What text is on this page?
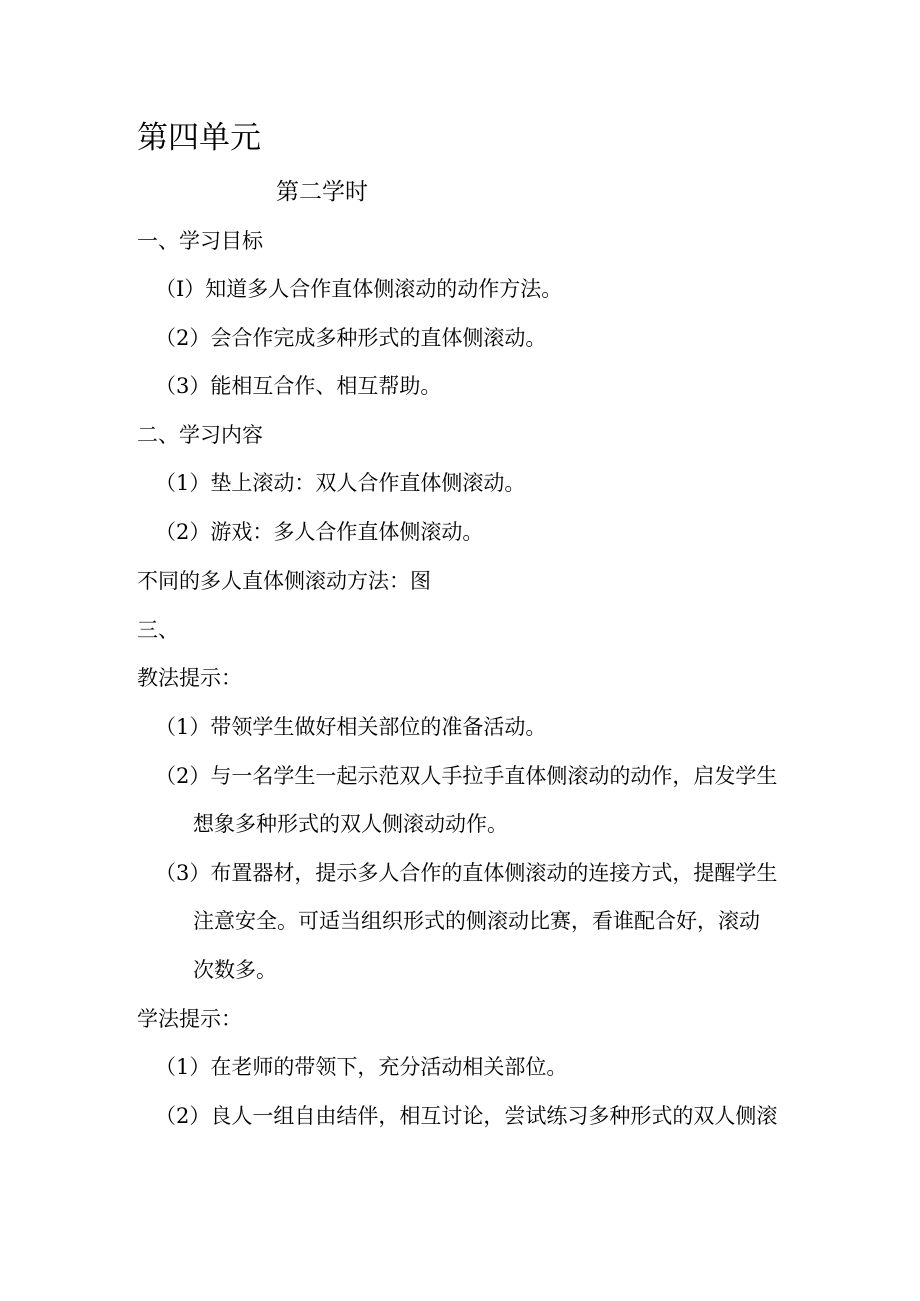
第四单元
第二学时
一、学习目标
（I）知道多人合作直体侧滚动的动作方法。
（2）会合作完成多种形式的直体侧滚动。
（3）能相互合作、相互帮助。
二、学习内容
（1）垫上滚动：双人合作直体侧滚动。
（2）游戏：多人合作直体侧滚动。
不同的多人直体侧滚动方法：图
三、
教法提示：
（1）带领学生做好相关部位的准备活动。
（2）与一名学生一起示范双人手拉手直体侧滚动的动作，启发学生
想象多种形式的双人侧滚动动作。
（3）布置器材，提示多人合作的直体侧滚动的连接方式，提醒学生
注意安全。可适当组织形式的侧滚动比赛，看谁配合好，滚动
次数多。
学法提示：
（1）在老师的带领下，充分活动相关部位。
（2）良人一组自由结伴，相互讨论，尝试练习多种形式的双人侧滚
